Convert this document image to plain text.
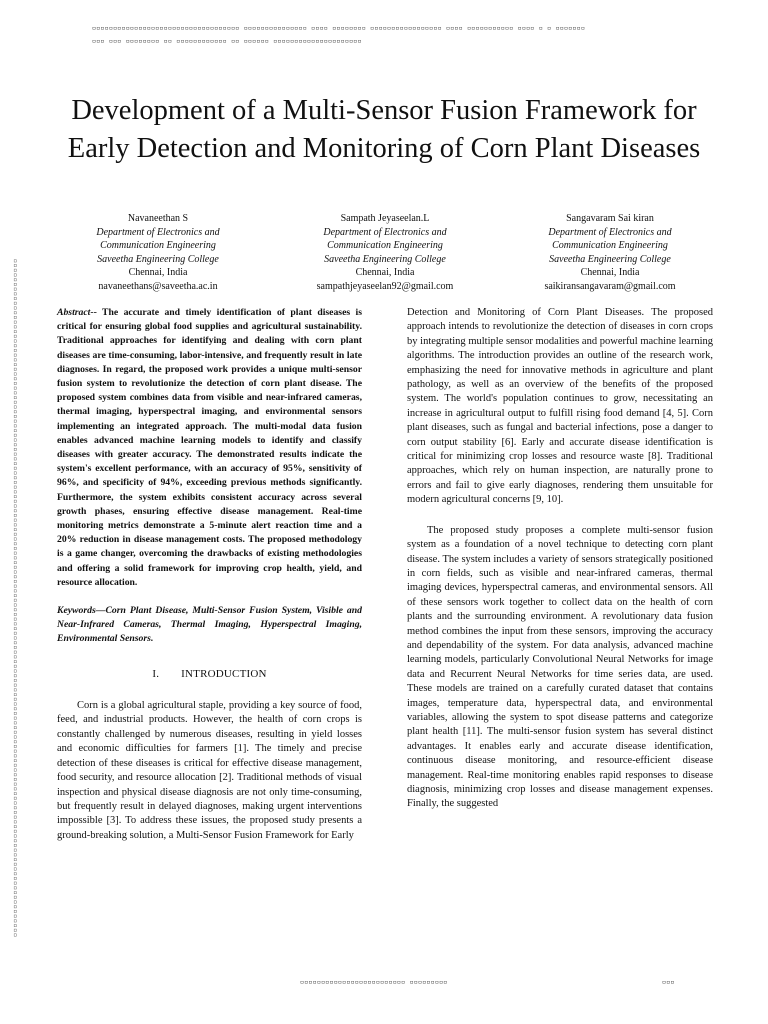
▫▫▫▫▫▫▫▫▫▫▫▫▫▫▫▫▫▫▫▫▫▫▫▫▫▫▫▫▫▫▫▫▫▫▫ ▫▫▫▫▫▫▫▫▫▫▫▫▫▫▫ ▫▫▫▫ ▫▫▫▫▫▫▫▫ ▫▫▫▫▫▫▫▫▫▫▫▫▫▫▫▫▫ ▫▫▫▫ ▫▫▫▫▫▫▫▫▫▫▫ ▫▫▫▫ ▫ ▫ ▫▫▫▫▫▫▫
▫▫▫ ▫▫▫ ▫▫▫▫▫▫▫▫ ▫▫ ▫▫▫▫▫▫▫▫▫▫▫▫ ▫▫ ▫▫▫▫▫▫ ▫▫▫▫▫▫▫▫▫▫▫▫▫▫▫▫▫▫▫▫▫
▫▫▫▫▫▫▫▫▫▫▫▫▫▫▫▫▫▫▫▫▫▫▫▫▫▫▫▫▫▫▫▫▫▫▫▫▫▫▫▫▫▫▫▫▫▫▫▫▫▫▫▫▫▫▫▫▫▫▫▫▫▫▫▫▫▫▫▫▫▫▫▫▫▫▫▫▫▫▫▫▫▫▫▫▫▫▫▫▫▫▫▫▫▫▫▫▫▫▫▫▫▫▫▫▫▫▫▫▫▫▫▫▫▫▫▫▫▫▫▫▫▫▫▫▫▫▫▫▫▫▫▫▫▫▫▫▫▫▫▫▫▫▫▫
Development of a Multi-Sensor Fusion Framework for Early Detection and Monitoring of Corn Plant Diseases
Navaneethan S
Department of Electronics and
Communication Engineering
Saveetha Engineering College
Chennai, India
navaneethans@saveetha.ac.in
Sampath Jeyaseelan.L
Department of Electronics and
Communication Engineering
Saveetha Engineering College
Chennai, India
sampathjeyaseelan92@gmail.com
Sangavaram Sai kiran
Department of Electronics and
Communication Engineering
Saveetha Engineering College
Chennai, India
saikiransangavaram@gmail.com

Abstract-- The accurate and timely identification of plant diseases is critical for ensuring global food supplies and agricultural sustainability. Traditional approaches for identifying and dealing with corn plant diseases are time-consuming, labor-intensive, and frequently result in late diagnoses. In regard, the proposed work provides a unique multi-sensor fusion system to revolutionize the detection of corn plant disease. The proposed system combines data from visible and near-infrared cameras, thermal imaging, hyperspectral imaging, and environmental sensors implementing an integrated approach. The multi-modal data fusion enables advanced machine learning models to identify and classify diseases with greater accuracy. The demonstrated results indicate the system's excellent performance, with an accuracy of 95%, sensitivity of 96%, and specificity of 94%, exceeding previous methods significantly. Furthermore, the system exhibits consistent accuracy across several growth phases, ensuring effective disease management. Real-time monitoring metrics demonstrate a 5-minute alert reaction time and a 20% reduction in disease management costs. The proposed methodology is a game changer, overcoming the drawbacks of existing methodologies and offering a solid framework for improving crop health, yield, and resource allocation.

Keywords—Corn Plant Disease, Multi-Sensor Fusion System, Visible and Near-Infrared Cameras, Thermal Imaging, Hyperspectral Imaging, Environmental Sensors.

I. INTRODUCTION

Corn is a global agricultural staple, providing a key source of food, feed, and industrial products. However, the health of corn crops is constantly challenged by numerous diseases, resulting in yield losses and economic difficulties for farmers [1]. The timely and precise detection of these diseases is critical for effective disease management, food security, and resource allocation [2]. Traditional methods of visual inspection and physical disease diagnosis are not only time-consuming, but frequently result in delayed diagnoses, making urgent interventions impossible [3]. To address these issues, the proposed study presents a ground-breaking solution, a Multi-Sensor Fusion Framework for Early

Detection and Monitoring of Corn Plant Diseases. The proposed approach intends to revolutionize the detection of diseases in corn crops by integrating multiple sensor modalities and powerful machine learning algorithms. The introduction provides an outline of the research work, emphasizing the need for innovative methods in agriculture and plant pathology, as well as an overview of the benefits of the proposed system. The world's population continues to grow, necessitating an increase in agricultural output to fulfill rising food demand [4, 5]. Corn plant diseases, such as fungal and bacterial infections, pose a danger to corn output stability [6]. Early and accurate disease identification is critical for minimizing crop losses and resource waste [8]. Traditional approaches, which rely on human inspection, are naturally prone to errors and fail to give early diagnoses, rendering them unsuitable for modern agricultural concerns [9, 10].

The proposed study proposes a complete multi-sensor fusion system as a foundation of a novel technique to detecting corn plant disease. The system includes a variety of sensors strategically positioned in corn fields, such as visible and near-infrared cameras, thermal imaging devices, hyperspectral cameras, and environmental sensors. All of these sensors work together to collect data on the health of corn plants and the surrounding environment. A revolutionary data fusion method combines the input from these sensors, improving the accuracy and dependability of the system. For data analysis, advanced machine learning models, particularly Convolutional Neural Networks for image data and Recurrent Neural Networks for time series data, are used. These models are trained on a carefully curated dataset that contains images, temperature data, hyperspectral data, and environmental variables, allowing the system to spot disease patterns and categorize plant health [11]. The multi-sensor fusion system has several distinct advantages. It enables early and accurate disease identification, continuous disease monitoring, and resource-efficient disease management. Real-time monitoring enables rapid responses to disease diagnosis, minimizing crop losses and disease management expenses. Finally, the suggested

▫▫▫▫▫▫▫▫▫▫▫▫▫▫▫▫▫▫▫▫▫▫▫▫▫ ▫▫▫▫▫▫▫▫▫	▫▫▫
